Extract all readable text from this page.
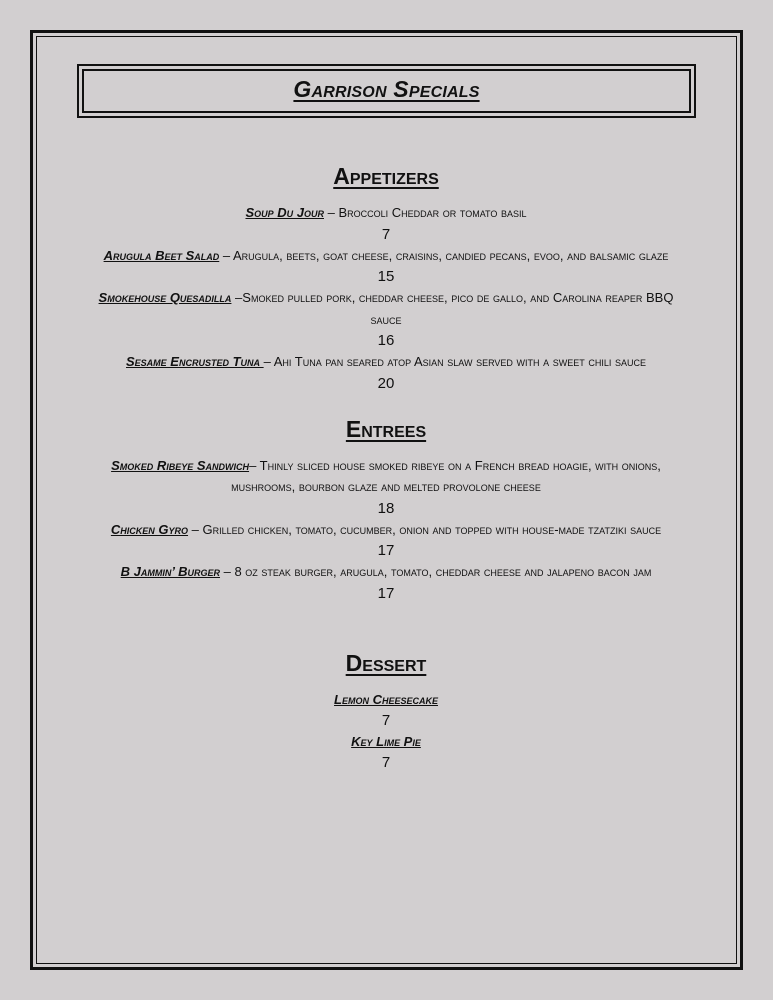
Garrison Specials
Appetizers
Soup Du Jour – Broccoli Cheddar or tomato basil
7
Arugula Beet Salad – Arugula, beets, goat cheese, craisins, candied pecans, evoo, and balsamic glaze
15
Smokehouse Quesadilla –Smoked pulled pork, cheddar cheese, pico de gallo, and Carolina reaper BBQ sauce
16
Sesame Encrusted Tuna – Ahi Tuna pan seared atop Asian slaw served with a sweet chili sauce
20
Entrees
Smoked Ribeye Sandwich– Thinly sliced house smoked ribeye on a French bread hoagie, with onions, mushrooms, bourbon glaze and melted provolone cheese
18
Chicken Gyro – Grilled chicken, tomato, cucumber, onion and topped with house-made tzatziki sauce
17
B Jammin’ Burger – 8 oz steak burger, arugula, tomato, cheddar cheese and jalapeno bacon jam
17
Dessert
Lemon Cheesecake
7
Key Lime Pie
7
